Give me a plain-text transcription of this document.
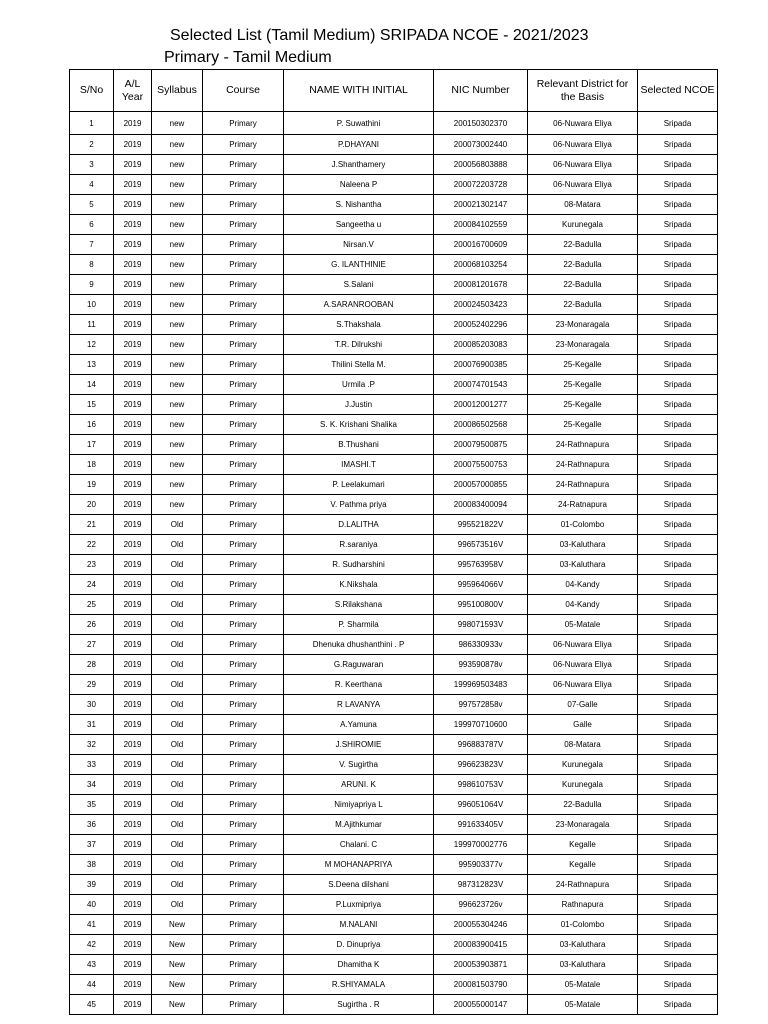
Selected List (Tamil Medium) SRIPADA NCOE - 2021/2023
Primary - Tamil Medium
S/No	A/L Year	Syllabus	Course	NAME WITH INITIAL	NIC Number	Relevant District for the Basis	Selected NCOE
1	2019	new	Primary	P. Suwathini	200150302370	06-Nuwara Eliya	Sripada
2	2019	new	Primary	P.DHAYANI	200073002440	06-Nuwara Eliya	Sripada
3	2019	new	Primary	J.Shanthamery	200056803888	06-Nuwara Eliya	Sripada
4	2019	new	Primary	Naleena P	200072203728	06-Nuwara Eliya	Sripada
5	2019	new	Primary	S. Nishantha	200021302147	08-Matara	Sripada
6	2019	new	Primary	Sangeetha u	200084102559	Kurunegala	Sripada
7	2019	new	Primary	Nirsan.V	200016700609	22-Badulla	Sripada
8	2019	new	Primary	G. ILANTHINIE	200068103254	22-Badulla	Sripada
9	2019	new	Primary	S.Salani	200081201678	22-Badulla	Sripada
10	2019	new	Primary	A.SARANROOBAN	200024503423	22-Badulla	Sripada
11	2019	new	Primary	S.Thakshala	200052402296	23-Monaragala	Sripada
12	2019	new	Primary	T.R. Dilrukshi	200085203083	23-Monaragala	Sripada
13	2019	new	Primary	Thilini Stella M.	200076900385	25-Kegalle	Sripada
14	2019	new	Primary	Urmila .P	200074701543	25-Kegalle	Sripada
15	2019	new	Primary	J.Justin	200012001277	25-Kegalle	Sripada
16	2019	new	Primary	S. K. Krishani Shalika	200086502568	25-Kegalle	Sripada
17	2019	new	Primary	B.Thushani	200079500875	24-Rathnapura	Sripada
18	2019	new	Primary	IMASHI.T	200075500753	24-Rathnapura	Sripada
19	2019	new	Primary	P. Leelakumari	200057000855	24-Rathnapura	Sripada
20	2019	new	Primary	V. Pathma priya	200083400094	24-Ratnapura	Sripada
21	2019	Old	Primary	D.LALITHA	995521822V	01-Colombo	Sripada
22	2019	Old	Primary	R.saraniya	996573516V	03-Kaluthara	Sripada
23	2019	Old	Primary	R. Sudharshini	995763958V	03-Kaluthara	Sripada
24	2019	Old	Primary	K.Nikshala	995964066V	04-Kandy	Sripada
25	2019	Old	Primary	S.Rilakshana	995100800V	04-Kandy	Sripada
26	2019	Old	Primary	P. Sharmila	998071593V	05-Matale	Sripada
27	2019	Old	Primary	Dhenuka dhushanthini . P	986330933v	06-Nuwara Eliya	Sripada
28	2019	Old	Primary	G.Raguwaran	993590878v	06-Nuwara Eliya	Sripada
29	2019	Old	Primary	R. Keerthana	199969503483	06-Nuwara Eliya	Sripada
30	2019	Old	Primary	R LAVANYA	997572858v	07-Galle	Sripada
31	2019	Old	Primary	A.Yamuna	199970710600	Galle	Sripada
32	2019	Old	Primary	J.SHIROMIE	996883787V	08-Matara	Sripada
33	2019	Old	Primary	V. Sugirtha	996623823V	Kurunegala	Sripada
34	2019	Old	Primary	ARUNI. K	998610753V	Kurunegala	Sripada
35	2019	Old	Primary	Nimiyapriya L	996051064V	22-Badulla	Sripada
36	2019	Old	Primary	M.Ajithkumar	991633405V	23-Monaragala	Sripada
37	2019	Old	Primary	Chalani. C	199970002776	Kegalle	Sripada
38	2019	Old	Primary	M MOHANAPRIYA	995903377v	Kegalle	Sripada
39	2019	Old	Primary	S.Deena dilshani	987312823V	24-Rathnapura	Sripada
40	2019	Old	Primary	P.Luxmipriya	996623726v	Rathnapura	Sripada
41	2019	New	Primary	M.NALANI	200055304246	01-Colombo	Sripada
42	2019	New	Primary	D. Dinupriya	200083900415	03-Kaluthara	Sripada
43	2019	New	Primary	Dhamitha K	200053903871	03-Kaluthara	Sripada
44	2019	New	Primary	R.SHIYAMALA	200081503790	05-Matale	Sripada
45	2019	New	Primary	Sugirtha . R	200055000147	05-Matale	Sripada
